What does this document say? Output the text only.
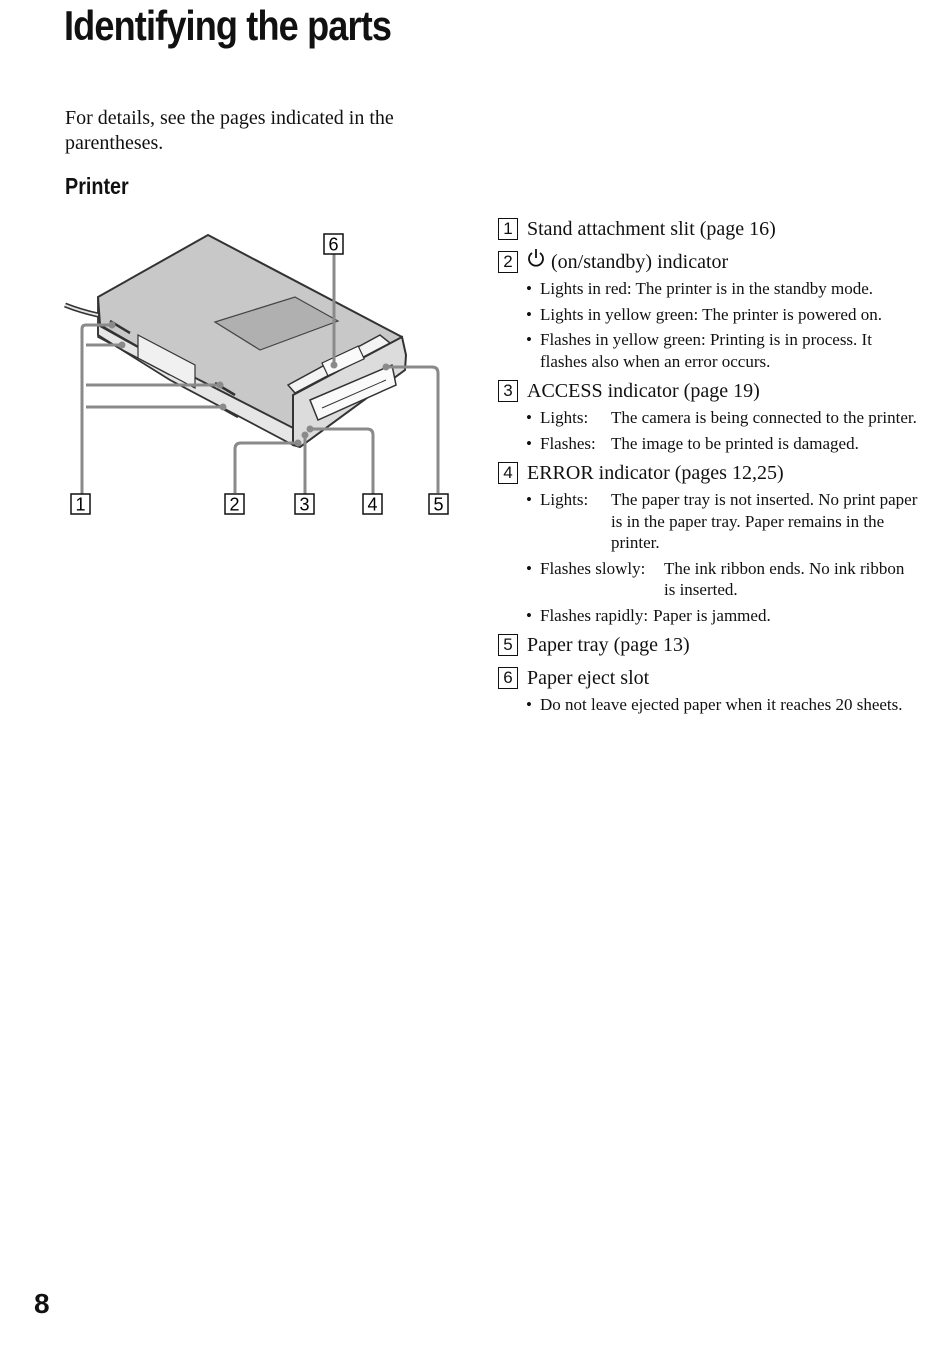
Identifying the parts
For details, see the pages indicated in the parentheses.
Printer
1	2	3	4	5
6
1 Stand attachment slit (page 16)
2 (on/standby) indicator
• Lights in red: The printer is in the standby mode.
• Lights in yellow green: The printer is powered on.
• Flashes in yellow green: Printing is in process. It flashes also when an error occurs.
3 ACCESS indicator (page 19)
• Lights:	The camera is being connected to the printer.
• Flashes: The image to be printed is damaged.
4 ERROR indicator (pages 12,25)
• Lights:	The paper tray is not inserted. No print paper is in the paper tray. Paper remains in the printer.
• Flashes slowly:	The ink ribbon ends. No ink ribbon is inserted.
• Flashes rapidly: Paper is jammed.
5 Paper tray (page 13)
6 Paper eject slot
• Do not leave ejected paper when it reaches 20 sheets.
8
